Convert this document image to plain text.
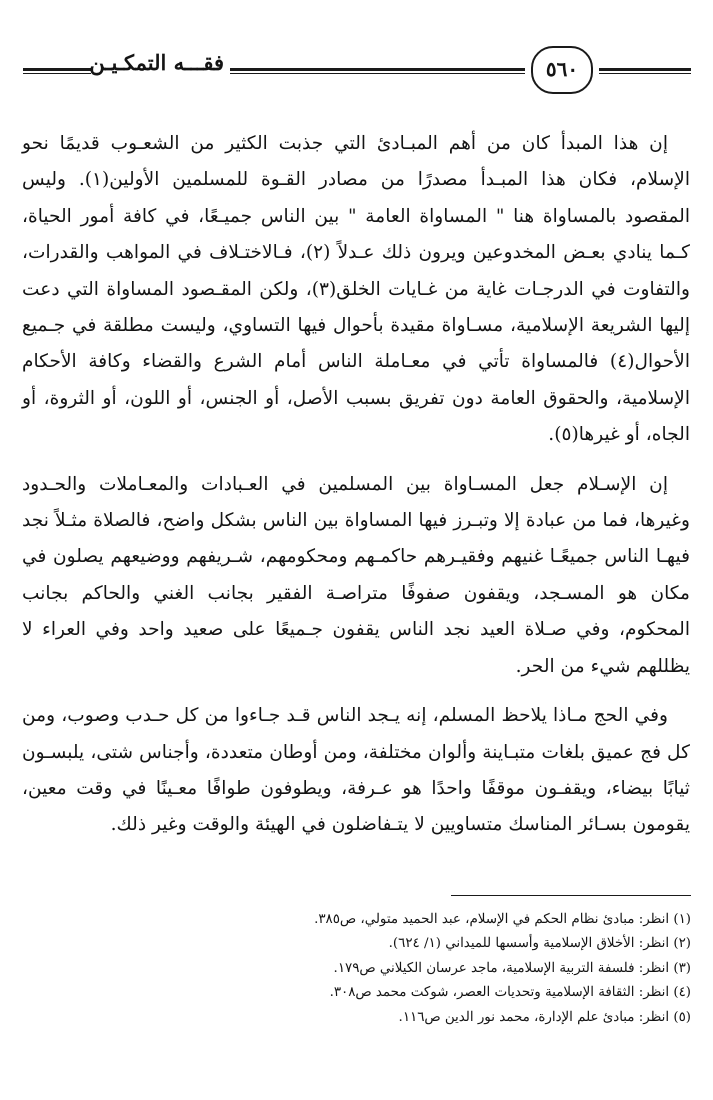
فقـــه التمكـيـن	٥٦٠

إن هذا المبدأ كان من أهم المبـادئ التي جذبت الكثير من الشعـوب قديمًا نحو الإسلام، فكان هذا المبـدأ مصدرًا من مصادر القـوة للمسلمين الأولين(١). وليس المقصود بالمساواة هنا " المساواة العامة " بين الناس جميـعًا، في كافة أمور الحياة، كـما ينادي بعـض المخدوعين ويرون ذلك عـدلاً (٢)، فـالاختـلاف في المواهب والقدرات، والتفاوت في الدرجـات غاية من غـايات الخلق(٣)، ولكن المقـصود المساواة التي دعت إليها الشريعة الإسلامية، مسـاواة مقيدة بأحوال فيها التساوي، وليست مطلقة في جـميع الأحوال(٤) فالمساواة تأتي في معـاملة الناس أمام الشرع والقضاء وكافة الأحكام الإسلامية، والحقوق العامة دون تفريق بسبب الأصل، أو الجنس، أو اللون، أو الثروة، أو الجاه، أو غيرها(٥).

إن الإسـلام جعل المسـاواة بين المسلمين في العـبادات والمعـاملات والحـدود وغيرها، فما من عبادة إلا وتبـرز فيها المساواة بين الناس بشكل واضح، فالصلاة مثـلاً نجد فيهـا الناس جميعًـا غنيهم وفقيـرهم حاكمـهم ومحكومهم، شـريفهم ووضيعهم يصلون في مكان هو المسـجد، ويقفون صفوفًا متراصـة الفقير بجانب الغني والحاكم بجانب المحكوم، وفي صـلاة العيد نجد الناس يقفون جـميعًا على صعيد واحد وفي العراء لا يظللهم شيء من الحر.

وفي الحج مـاذا يلاحظ المسلم، إنه يـجد الناس قـد جـاءوا من كل حـدب وصوب، ومن كل فج عميق بلغات متبـاينة وألوان مختلفة، ومن أوطان متعددة، وأجناس شتى، يلبسـون ثيابًا بيضاء، ويقفـون موقفًا واحدًا هو عـرفة، ويطوفون طوافًا معـينًا في وقت معين، يقومون بسـائر المناسك متساويين لا يتـفاضلون في الهيئة والوقت وغير ذلك.

(١) انظر: مبادئ نظام الحكم في الإسلام، عبد الحميد متولي، ص٣٨٥.
(٢) انظر: الأخلاق الإسلامية وأسسها للميداني (١/ ٦٢٤).
(٣) انظر: فلسفة التربية الإسلامية، ماجد عرسان الكيلاني ص١٧٩.
(٤) انظر: الثقافة الإسلامية وتحديات العصر، شوكت محمد ص٣٠٨.
(٥) انظر: مبادئ علم الإدارة، محمد نور الدين ص١١٦.
